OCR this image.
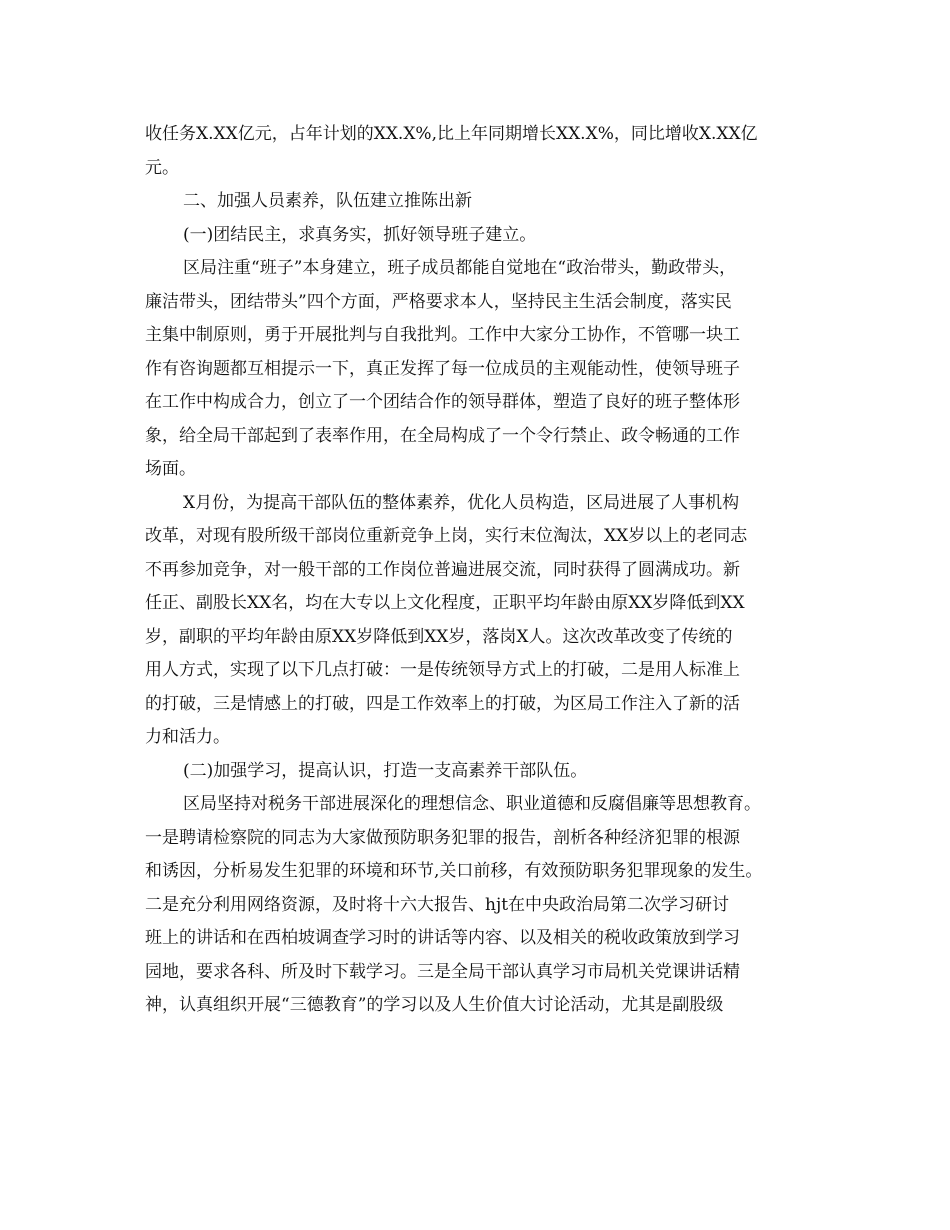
收任务X.XX亿元，占年计划的XX.X%,比上年同期增长XX.X%，同比增收X.XX亿
元。
二、加强人员素养，队伍建立推陈出新
(一)团结民主，求真务实，抓好领导班子建立。
区局注重“班子”本身建立，班子成员都能自觉地在“政治带头，勤政带头，
廉洁带头，团结带头”四个方面，严格要求本人，坚持民主生活会制度，落实民
主集中制原则，勇于开展批判与自我批判。工作中大家分工协作，不管哪一块工
作有咨询题都互相提示一下，真正发挥了每一位成员的主观能动性，使领导班子
在工作中构成合力，创立了一个团结合作的领导群体，塑造了良好的班子整体形
象，给全局干部起到了表率作用，在全局构成了一个令行禁止、政令畅通的工作
场面。
X月份，为提高干部队伍的整体素养，优化人员构造，区局进展了人事机构
改革，对现有股所级干部岗位重新竞争上岗，实行末位淘汰，XX岁以上的老同志
不再参加竞争，对一般干部的工作岗位普遍进展交流，同时获得了圆满成功。新
任正、副股长XX名，均在大专以上文化程度，正职平均年龄由原XX岁降低到XX
岁，副职的平均年龄由原XX岁降低到XX岁，落岗X人。这次改革改变了传统的
用人方式，实现了以下几点打破：一是传统领导方式上的打破，二是用人标准上
的打破，三是情感上的打破，四是工作效率上的打破，为区局工作注入了新的活
力和活力。
(二)加强学习，提高认识，打造一支高素养干部队伍。
区局坚持对税务干部进展深化的理想信念、职业道德和反腐倡廉等思想教育。
一是聘请检察院的同志为大家做预防职务犯罪的报告，剖析各种经济犯罪的根源
和诱因，分析易发生犯罪的环境和环节,关口前移，有效预防职务犯罪现象的发生。
二是充分利用网络资源，及时将十六大报告、hjt在中央政治局第二次学习研讨
班上的讲话和在西柏坡调查学习时的讲话等内容、以及相关的税收政策放到学习
园地，要求各科、所及时下载学习。三是全局干部认真学习市局机关党课讲话精
神，认真组织开展“三德教育”的学习以及人生价值大讨论活动，尤其是副股级
